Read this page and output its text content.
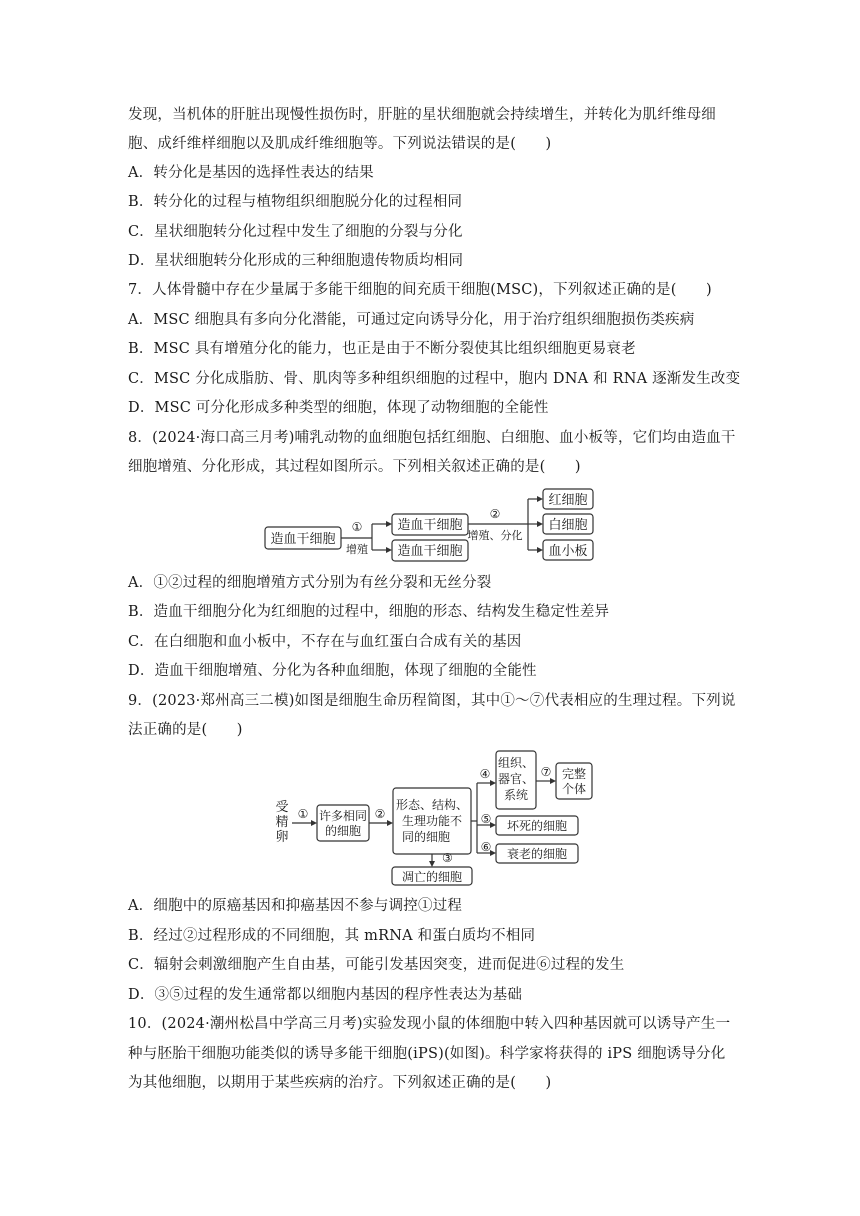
发现，当机体的肝脏出现慢性损伤时，肝脏的星状细胞就会持续增生，并转化为肌纤维母细
胞、成纤维样细胞以及肌成纤维细胞等。下列说法错误的是(　　)
A．转分化是基因的选择性表达的结果
B．转分化的过程与植物组织细胞脱分化的过程相同
C．星状细胞转分化过程中发生了细胞的分裂与分化
D．星状细胞转分化形成的三种细胞遗传物质均相同
7．人体骨髓中存在少量属于多能干细胞的间充质干细胞(MSC)，下列叙述正确的是(　　)
A．MSC 细胞具有多向分化潜能，可通过定向诱导分化，用于治疗组织细胞损伤类疾病
B．MSC 具有增殖分化的能力，也正是由于不断分裂使其比组织细胞更易衰老
C．MSC 分化成脂肪、骨、肌肉等多种组织细胞的过程中，胞内 DNA 和 RNA 逐渐发生改变
D．MSC 可分化形成多种类型的细胞，体现了动物细胞的全能性
8．(2024·海口高三月考)哺乳动物的血细胞包括红细胞、白细胞、血小板等，它们均由造血干
细胞增殖、分化形成，其过程如图所示。下列相关叙述正确的是(　　)
造血干细胞
①
增殖
造血干细胞
造血干细胞
②
增殖、分化
红细胞
白细胞
血小板
A．①②过程的细胞增殖方式分别为有丝分裂和无丝分裂
B．造血干细胞分化为红细胞的过程中，细胞的形态、结构发生稳定性差异
C．在白细胞和血小板中，不存在与血红蛋白合成有关的基因
D．造血干细胞增殖、分化为各种血细胞，体现了细胞的全能性
9．(2023·郑州高三二模)如图是细胞生命历程简图，其中①～⑦代表相应的生理过程。下列说
法正确的是(　　)
受
精
卵
① 许多相同
的细胞
②
形态、结构、
生理功能不
同的细胞
③
凋亡的细胞
④
⑤
⑥
组织、
器官、
系统
⑦ 完整
个体
坏死的细胞
衰老的细胞
A．细胞中的原癌基因和抑癌基因不参与调控①过程
B．经过②过程形成的不同细胞，其 mRNA 和蛋白质均不相同
C．辐射会刺激细胞产生自由基，可能引发基因突变，进而促进⑥过程的发生
D．③⑤过程的发生通常都以细胞内基因的程序性表达为基础
10．(2024·潮州松昌中学高三月考)实验发现小鼠的体细胞中转入四种基因就可以诱导产生一
种与胚胎干细胞功能类似的诱导多能干细胞(iPS)(如图)。科学家将获得的 iPS 细胞诱导分化
为其他细胞，以期用于某些疾病的治疗。下列叙述正确的是(　　)
